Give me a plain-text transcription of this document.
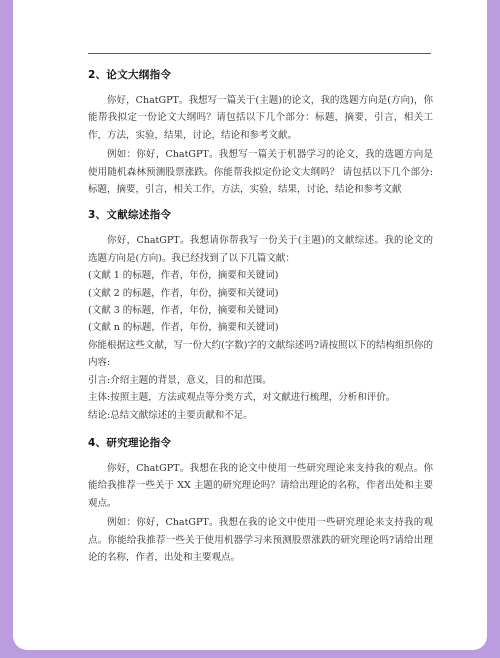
2、论文大纲指令

你好，ChatGPT。我想写一篇关于(主题)的论文，我的选题方向是(方向)，你能帮我拟定一份论文大纲吗？请包括以下几个部分：标题，摘要，引言，相关工作，方法，实验，结果，讨论，结论和参考文献。

例如：你好，ChatGPT。我想写一篇关于机器学习的论文，我的选题方向是使用随机森林预测股票涨跌。你能帮我拟定份论文大纲吗？ 请包括以下几个部分:标题，摘要，引言，相关工作，方法，实验，结果，讨论，结论和参考文献

3、文献综述指令

你好，ChatGPT。我想请你帮我写一份关于(主题)的文献综述。我的论文的选题方向是(方向)。我已经找到了以下几篇文献：

(文献 1 的标题，作者，年份，摘要和关键词)

(文献 2 的标题，作者，年份，摘要和关键词)

(文献 3 的标题，作者，年份，摘要和关键词)

(文献 n 的标题，作者，年份，摘要和关键词)

你能根据这些文献，写一份大约(字数)字的文献综述吗?请按照以下的结构组织你的内容:

引言:介绍主题的背景，意义，目的和范围。

主体:按照主题，方法或观点等分类方式，对文献进行梳理，分析和评价。

结论:总结文献综述的主要贡献和不足。

4、研究理论指令

你好，ChatGPT。我想在我的论文中使用一些研究理论来支持我的观点。你能给我推荐一些关于 XX 主题的研究理论吗？请给出理论的名称，作者出处和主要观点。

例如：你好，ChatGPT。我想在我的论文中使用一些研究理论来支持我的观点。你能给我推荐一些关于使用机器学习来预测股票涨跌的研究理论吗?请给出理论的名称，作者，出处和主要观点。
